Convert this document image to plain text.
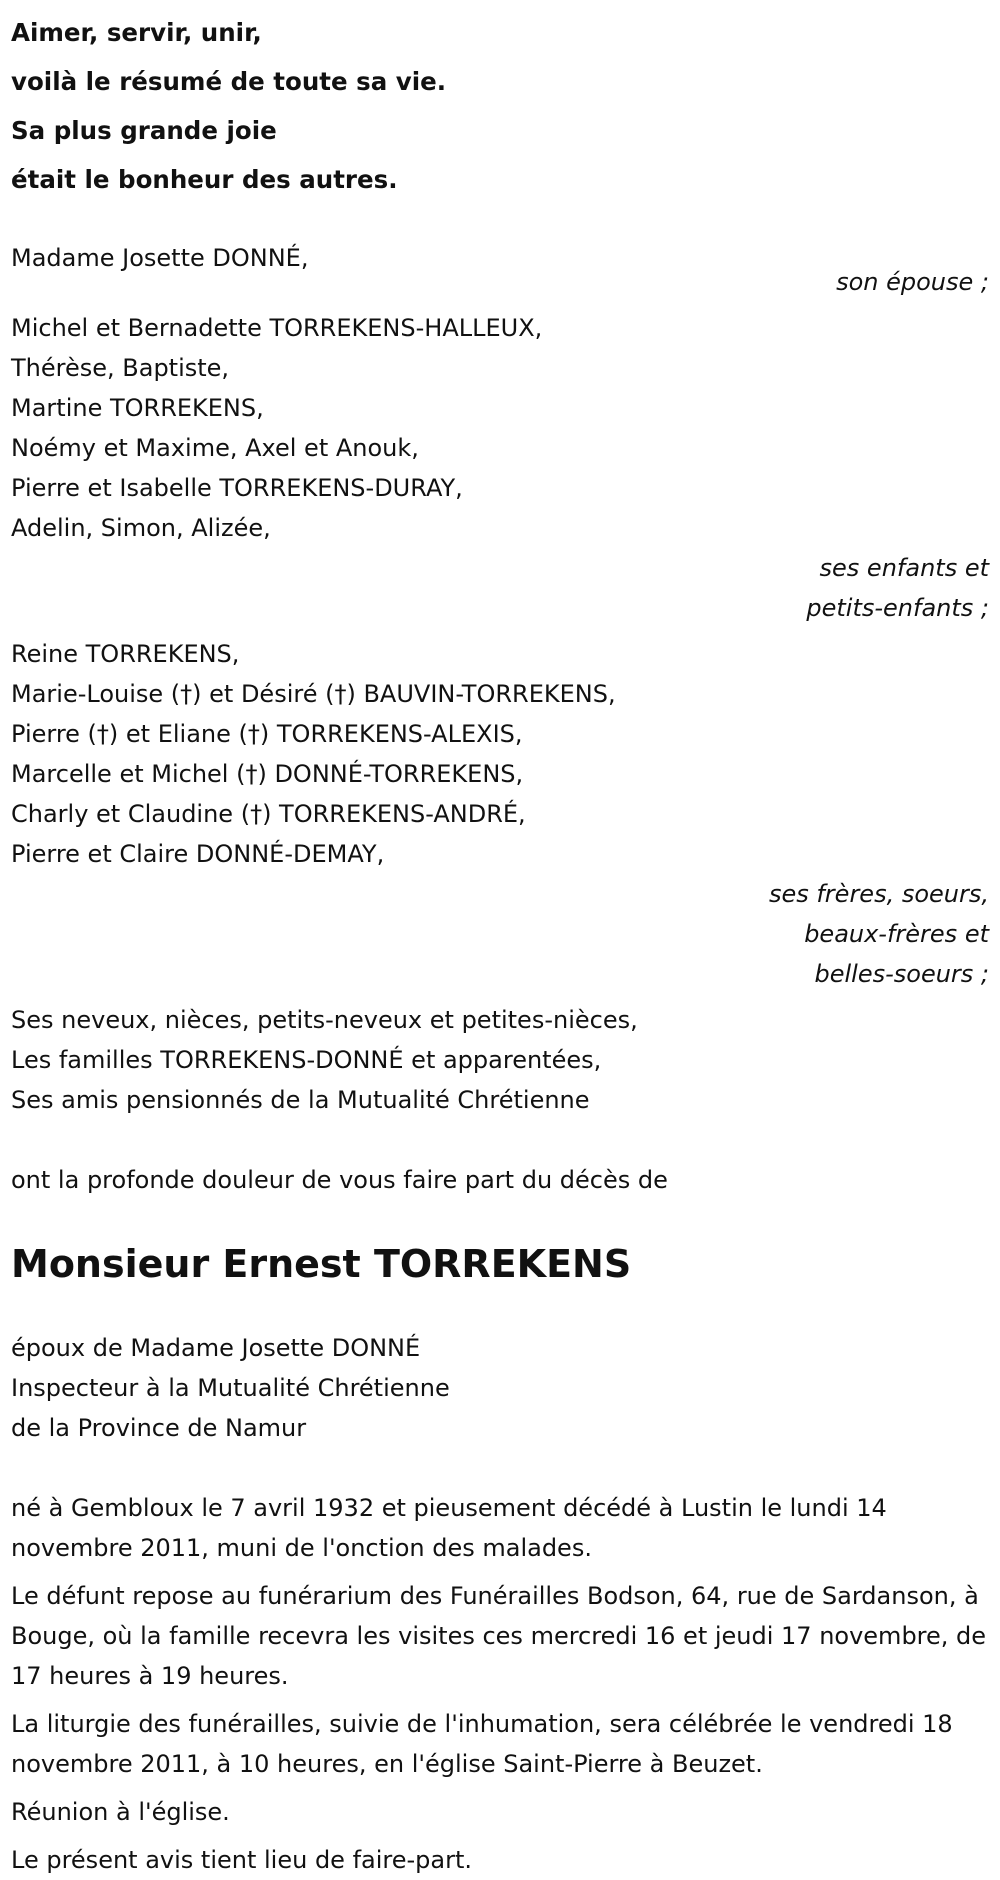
Aimer, servir, unir,
voilà le résumé de toute sa vie.
Sa plus grande joie
était le bonheur des autres.
Madame Josette DONNÉ,
son épouse ;
Michel et Bernadette TORREKENS-HALLEUX,
Thérèse, Baptiste,
Martine TORREKENS,
Noémy et Maxime, Axel et Anouk,
Pierre et Isabelle TORREKENS-DURAY,
Adelin, Simon, Alizée,
ses enfants et
petits-enfants ;
Reine TORREKENS,
Marie-Louise (†) et Désiré (†) BAUVIN-TORREKENS,
Pierre (†) et Eliane (†) TORREKENS-ALEXIS,
Marcelle et Michel (†) DONNÉ-TORREKENS,
Charly et Claudine (†) TORREKENS-ANDRÉ,
Pierre et Claire DONNÉ-DEMAY,
ses frères, soeurs,
beaux-frères et
belles-soeurs ;
Ses neveux, nièces, petits-neveux et petites-nièces,
Les familles TORREKENS-DONNÉ et apparentées,
Ses amis pensionnés de la Mutualité Chrétienne
ont la profonde douleur de vous faire part du décès de
Monsieur Ernest TORREKENS
époux de Madame Josette DONNÉ
Inspecteur à la Mutualité Chrétienne
de la Province de Namur
né à Gembloux le 7 avril 1932 et pieusement décédé à Lustin le lundi 14 novembre 2011, muni de l'onction des malades.
Le défunt repose au funérarium des Funérailles Bodson, 64, rue de Sardanson, à Bouge, où la famille recevra les visites ces mercredi 16 et jeudi 17 novembre, de 17 heures à 19 heures.
La liturgie des funérailles, suivie de l'inhumation, sera célébrée le vendredi 18 novembre 2011, à 10 heures, en l'église Saint-Pierre à Beuzet.
Réunion à l'église.
Le présent avis tient lieu de faire-part.
